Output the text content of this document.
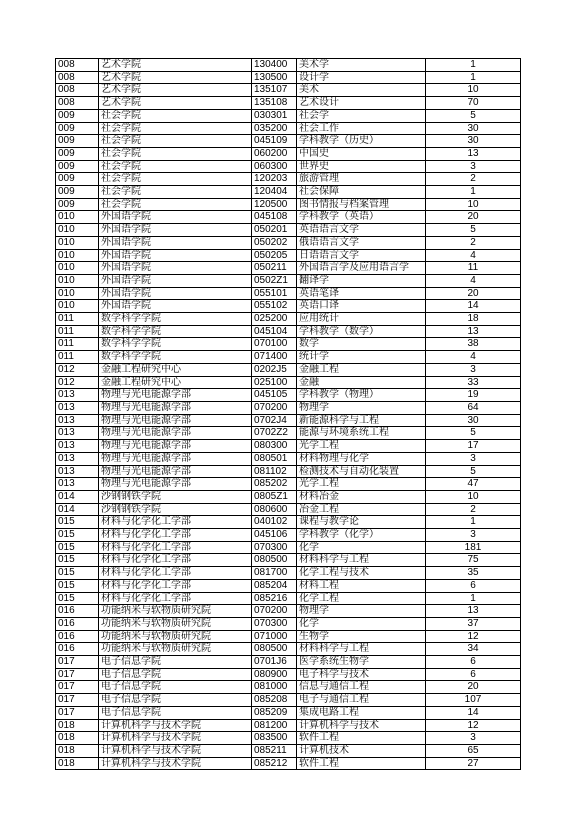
008	艺术学院	130400	美术学	1
008	艺术学院	130500	设计学	1
008	艺术学院	135107	美术	10
008	艺术学院	135108	艺术设计	70
009	社会学院	030301	社会学	5
009	社会学院	035200	社会工作	30
009	社会学院	045109	学科教学（历史）	30
009	社会学院	060200	中国史	13
009	社会学院	060300	世界史	3
009	社会学院	120203	旅游管理	2
009	社会学院	120404	社会保障	1
009	社会学院	120500	图书情报与档案管理	10
010	外国语学院	045108	学科教学（英语）	20
010	外国语学院	050201	英语语言文学	5
010	外国语学院	050202	俄语语言文学	2
010	外国语学院	050205	日语语言文学	4
010	外国语学院	050211	外国语言学及应用语言学	11
010	外国语学院	0502Z1	翻译学	4
010	外国语学院	055101	英语笔译	20
010	外国语学院	055102	英语口译	14
011	数学科学学院	025200	应用统计	18
011	数学科学学院	045104	学科教学（数学）	13
011	数学科学学院	070100	数学	38
011	数学科学学院	071400	统计学	4
012	金融工程研究中心	0202J5	金融工程	3
012	金融工程研究中心	025100	金融	33
013	物理与光电能源学部	045105	学科教学（物理）	19
013	物理与光电能源学部	070200	物理学	64
013	物理与光电能源学部	0702J4	新能源科学与工程	30
013	物理与光电能源学部	0702Z2	能源与环境系统工程	5
013	物理与光电能源学部	080300	光学工程	17
013	物理与光电能源学部	080501	材料物理与化学	3
013	物理与光电能源学部	081102	检测技术与自动化装置	5
013	物理与光电能源学部	085202	光学工程	47
014	沙钢钢铁学院	0805Z1	材料冶金	10
014	沙钢钢铁学院	080600	冶金工程	2
015	材料与化学化工学部	040102	课程与教学论	1
015	材料与化学化工学部	045106	学科教学（化学）	3
015	材料与化学化工学部	070300	化学	181
015	材料与化学化工学部	080500	材料科学与工程	75
015	材料与化学化工学部	081700	化学工程与技术	35
015	材料与化学化工学部	085204	材料工程	6
015	材料与化学化工学部	085216	化学工程	1
016	功能纳米与软物质研究院	070200	物理学	13
016	功能纳米与软物质研究院	070300	化学	37
016	功能纳米与软物质研究院	071000	生物学	12
016	功能纳米与软物质研究院	080500	材料科学与工程	34
017	电子信息学院	0701J6	医学系统生物学	6
017	电子信息学院	080900	电子科学与技术	6
017	电子信息学院	081000	信息与通信工程	20
017	电子信息学院	085208	电子与通信工程	107
017	电子信息学院	085209	集成电路工程	14
018	计算机科学与技术学院	081200	计算机科学与技术	12
018	计算机科学与技术学院	083500	软件工程	3
018	计算机科学与技术学院	085211	计算机技术	65
018	计算机科学与技术学院	085212	软件工程	27
